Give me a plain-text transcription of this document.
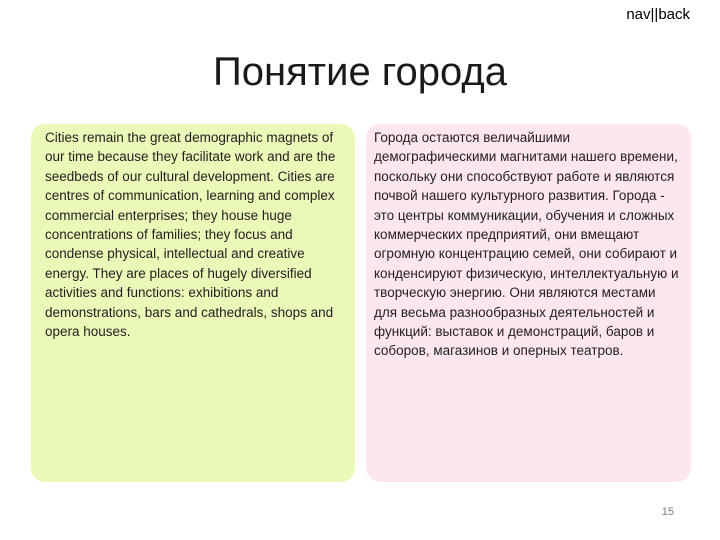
nav||back
Понятие города

Cities remain the great demographic magnets of our time because they facilitate work and are the seedbeds of our cultural development. Cities are centres of communication, learning and complex commercial enterprises; they house huge concentrations of families; they focus and condense physical, intellectual and creative energy. They are places of hugely diversified activities and functions: exhibitions and demonstrations, bars and cathedrals, shops and opera houses.

Города остаются величайшими демографическими магнитами нашего времени, поскольку они способствуют работе и являются почвой нашего культурного развития. Города - это центры коммуникации, обучения и сложных коммерческих предприятий, они вмещают огромную концентрацию семей, они собирают и конденсируют физическую, интеллектуальную и творческую энергию. Они являются местами для весьма разнообразных деятельностей и функций: выставок и демонстраций, баров и соборов, магазинов и оперных театров.

15
